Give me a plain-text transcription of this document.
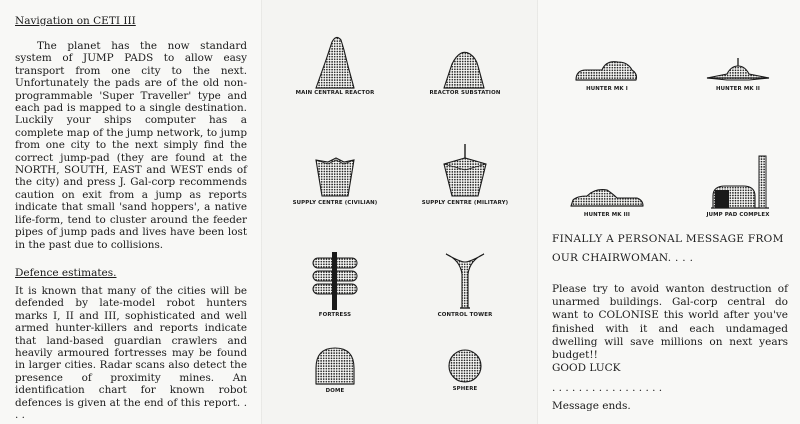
Navigation on CETI III
The planet has the now standard system of JUMP PADS to allow easy transport from one city to the next. Unfortunately the pads are of the old non-programmable 'Super Traveller' type and each pad is mapped to a single destination. Luckily your ships computer has a complete map of the jump network, to jump from one city to the next simply find the correct jump-pad (they are found at the NORTH, SOUTH, EAST and WEST ends of the city) and press J. Gal-corp recommends caution on exit from a jump as reports indicate that small 'sand hoppers', a native life-form, tend to cluster around the feeder pipes of jump pads and lives have been lost in the past due to collisions.
Defence estimates.
It is known that many of the cities will be defended by late-model robot hunters marks I, II and III, sophisticated and well armed hunter-killers and reports indicate that land-based guardian crawlers and heavily armoured fortresses may be found in larger cities. Radar scans also detect the presence of proximity mines. An identification chart for known robot defences is given at the end of this report. . . .
MAIN CENTRAL REACTOR	REACTOR SUBSTATION
SUPPLY CENTRE (CIVILIAN)	SUPPLY CENTRE (MILITARY)
FORTRESS	CONTROL TOWER
DOME	SPHERE
HUNTER MK I	HUNTER MK II
HUNTER MK III	JUMP PAD COMPLEX
FINALLY A PERSONAL MESSAGE FROM
OUR CHAIRWOMAN. . . .
Please try to avoid wanton destruction of unarmed buildings. Gal-corp central do want to COLONISE this world after you've finished with it and each undamaged dwelling will save millions on next years budget!!
GOOD LUCK
. . . . . . . . . . . . . . . . .
Message ends.
